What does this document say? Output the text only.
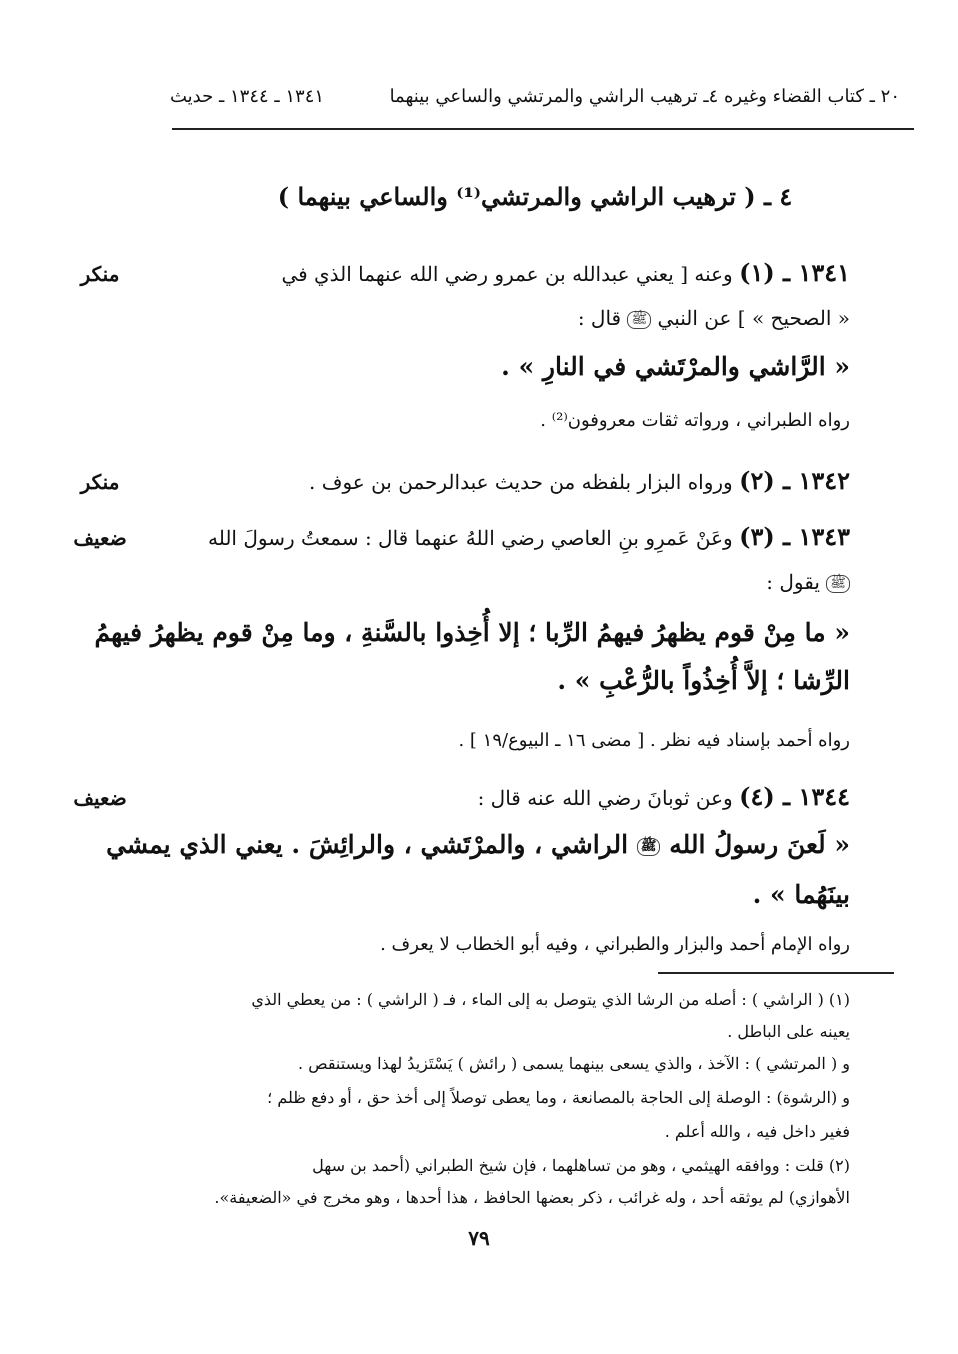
٢٠ ـ كتاب القضاء وغيره ٤ـ ترهيب الراشي والمرتشي والساعي بينهما
١٣٤١ ـ ١٣٤٤ ـ حديث
٤ ـ ( ترهيب الراشي والمرتشي⁽¹⁾ والساعي بينهما )
منكر	١٣٤١ ـ (١) وعنه [ يعني عبدالله بن عمرو رضي الله عنهما الذي في
« الصحيح » ] عن النبي ﷺ قال :
« الرَّاشي والمرْتَشي في النارِ » .
رواه الطبراني ، ورواته ثقات معروفون⁽²⁾ .
منكر	١٣٤٢ ـ (٢) ورواه البزار بلفظه من حديث عبدالرحمن بن عوف .
ضعيف	١٣٤٣ ـ (٣) وعَنْ عَمرِو بنِ العاصي رضي اللهُ عنهما قال : سمعتُ رسولَ الله
ﷺ يقول :
« ما مِنْ قوم يظهرُ فيهمُ الرِّبا ؛ إلا أُخِذوا بالسَّنةِ ، وما مِنْ قوم يظهرُ فيهمُ
الرِّشا ؛ إلاَّ أُخِذُواً بالرُّعْبِ » .
رواه أحمد بإسناد فيه نظر . [ مضى ١٦ ـ البيوع/١٩ ] .
ضعيف	١٣٤٤ ـ (٤) وعن ثوبانَ رضي الله عنه قال :
« لَعنَ رسولُ الله ﷺ الراشي ، والمرْتَشي ، والرائِشَ . يعني الذي يمشي
بينَهُما » .
رواه الإمام أحمد والبزار والطبراني ، وفيه أبو الخطاب لا يعرف .
(١) ( الراشي ) : أصله من الرشا الذي يتوصل به إلى الماء ، فـ ( الراشي ) : من يعطي الذي
يعينه على الباطل .
و ( المرتشي ) : الآخذ ، والذي يسعى بينهما يسمى ( رائش ) يَسْتَزيدُ لهذا ويستنقص .
و (الرشوة) : الوصلة إلى الحاجة بالمصانعة ، وما يعطى توصلاً إلى أخذ حق ، أو دفع ظلم ؛
فغير داخل فيه ، والله أعلم .
(٢) قلت : ووافقه الهيثمي ، وهو من تساهلهما ، فإن شيخ الطبراني (أحمد بن سهل
الأهوازي) لم يوثقه أحد ، وله غرائب ، ذكر بعضها الحافظ ، هذا أحدها ، وهو مخرج في «الضعيفة».
٧٩
